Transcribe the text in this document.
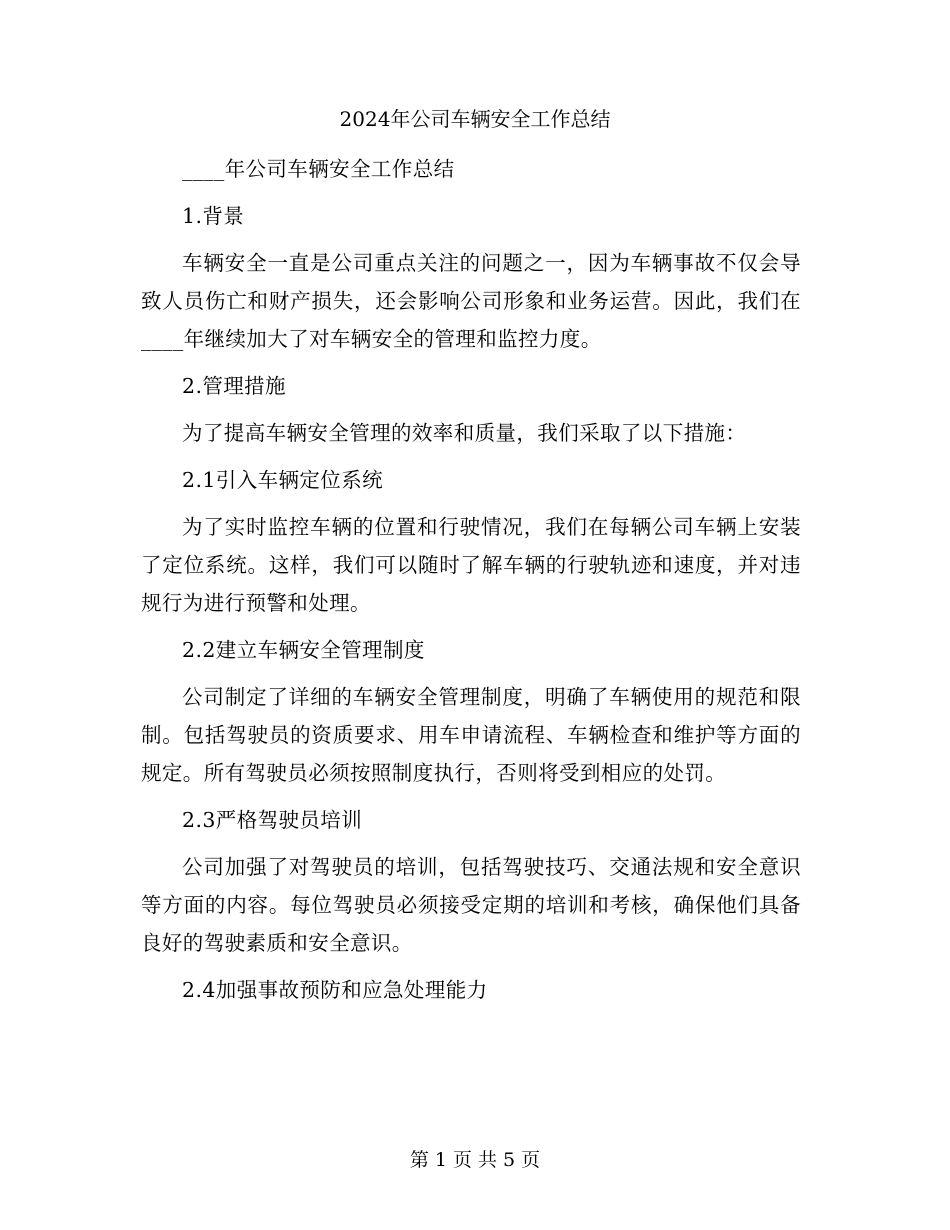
2024年公司车辆安全工作总结

____年公司车辆安全工作总结

1.背景

车辆安全一直是公司重点关注的问题之一，因为车辆事故不仅会导致人员伤亡和财产损失，还会影响公司形象和业务运营。因此，我们在____年继续加大了对车辆安全的管理和监控力度。

2.管理措施

为了提高车辆安全管理的效率和质量，我们采取了以下措施：

2.1引入车辆定位系统

为了实时监控车辆的位置和行驶情况，我们在每辆公司车辆上安装了定位系统。这样，我们可以随时了解车辆的行驶轨迹和速度，并对违规行为进行预警和处理。

2.2建立车辆安全管理制度

公司制定了详细的车辆安全管理制度，明确了车辆使用的规范和限制。包括驾驶员的资质要求、用车申请流程、车辆检查和维护等方面的规定。所有驾驶员必须按照制度执行，否则将受到相应的处罚。

2.3严格驾驶员培训

公司加强了对驾驶员的培训，包括驾驶技巧、交通法规和安全意识等方面的内容。每位驾驶员必须接受定期的培训和考核，确保他们具备良好的驾驶素质和安全意识。

2.4加强事故预防和应急处理能力

第 1 页 共 5 页
